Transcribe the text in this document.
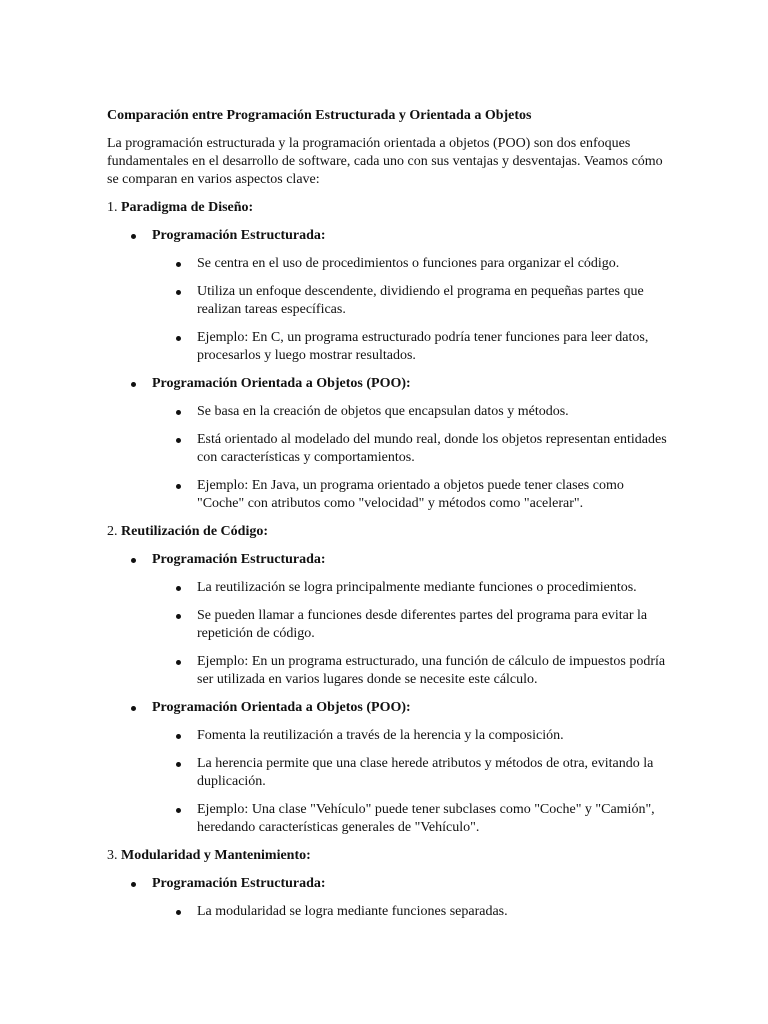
Comparación entre Programación Estructurada y Orientada a Objetos

La programación estructurada y la programación orientada a objetos (POO) son dos enfoques fundamentales en el desarrollo de software, cada uno con sus ventajas y desventajas. Veamos cómo se comparan en varios aspectos clave:

1. Paradigma de Diseño:

Programación Estructurada:

Se centra en el uso de procedimientos o funciones para organizar el código.
Utiliza un enfoque descendente, dividiendo el programa en pequeñas partes que realizan tareas específicas.
Ejemplo: En C, un programa estructurado podría tener funciones para leer datos, procesarlos y luego mostrar resultados.

Programación Orientada a Objetos (POO):

Se basa en la creación de objetos que encapsulan datos y métodos.
Está orientado al modelado del mundo real, donde los objetos representan entidades con características y comportamientos.
Ejemplo: En Java, un programa orientado a objetos puede tener clases como "Coche" con atributos como "velocidad" y métodos como "acelerar".

2. Reutilización de Código:

Programación Estructurada:

La reutilización se logra principalmente mediante funciones o procedimientos.
Se pueden llamar a funciones desde diferentes partes del programa para evitar la repetición de código.
Ejemplo: En un programa estructurado, una función de cálculo de impuestos podría ser utilizada en varios lugares donde se necesite este cálculo.

Programación Orientada a Objetos (POO):

Fomenta la reutilización a través de la herencia y la composición.
La herencia permite que una clase herede atributos y métodos de otra, evitando la duplicación.
Ejemplo: Una clase "Vehículo" puede tener subclases como "Coche" y "Camión", heredando características generales de "Vehículo".

3. Modularidad y Mantenimiento:

Programación Estructurada:

La modularidad se logra mediante funciones separadas.
